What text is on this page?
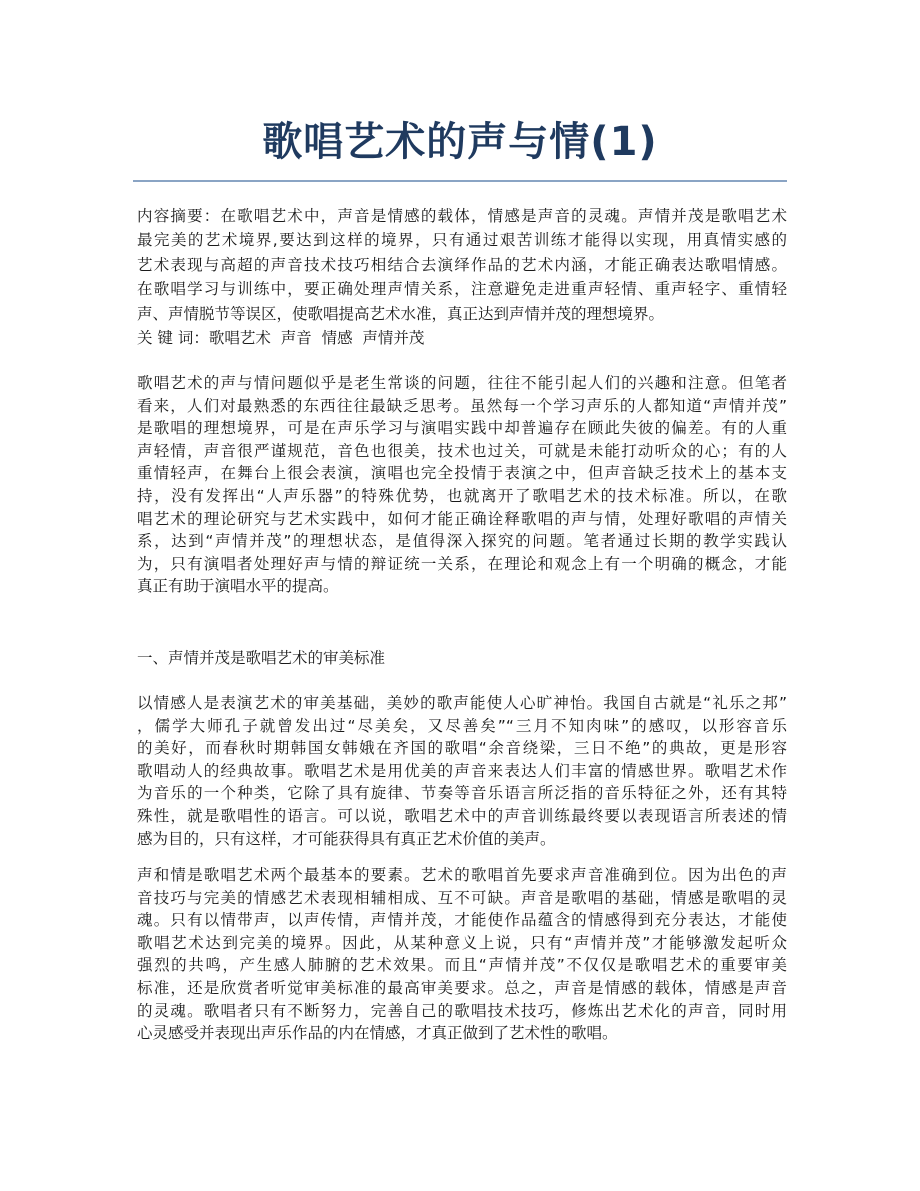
歌唱艺术的声与情(1)
内容摘要：在歌唱艺术中，声音是情感的载体，情感是声音的灵魂。声情并茂是歌唱艺术
最完美的艺术境界,要达到这样的境界，只有通过艰苦训练才能得以实现，用真情实感的
艺术表现与高超的声音技术技巧相结合去演绎作品的艺术内涵，才能正确表达歌唱情感。
在歌唱学习与训练中，要正确处理声情关系，注意避免走进重声轻情、重声轻字、重情轻
声、声情脱节等误区，使歌唱提高艺术水准，真正达到声情并茂的理想境界。
关 键 词：歌唱艺术  声音  情感  声情并茂
歌唱艺术的声与情问题似乎是老生常谈的问题，往往不能引起人们的兴趣和注意。但笔者
看来，人们对最熟悉的东西往往最缺乏思考。虽然每一个学习声乐的人都知道“声情并茂”
是歌唱的理想境界，可是在声乐学习与演唱实践中却普遍存在顾此失彼的偏差。有的人重
声轻情，声音很严谨规范，音色也很美，技术也过关，可就是未能打动听众的心；有的人
重情轻声，在舞台上很会表演，演唱也完全投情于表演之中，但声音缺乏技术上的基本支
持，没有发挥出“人声乐器”的特殊优势，也就离开了歌唱艺术的技术标准。所以，在歌
唱艺术的理论研究与艺术实践中，如何才能正确诠释歌唱的声与情，处理好歌唱的声情关
系，达到“声情并茂”的理想状态，是值得深入探究的问题。笔者通过长期的教学实践认
为，只有演唱者处理好声与情的辩证统一关系，在理论和观念上有一个明确的概念，才能
真正有助于演唱水平的提高。
一、声情并茂是歌唱艺术的审美标准
以情感人是表演艺术的审美基础，美妙的歌声能使人心旷神怡。我国自古就是“礼乐之邦”
，儒学大师孔子就曾发出过“尽美矣，又尽善矣”“三月不知肉味”的感叹，以形容音乐
的美好，而春秋时期韩国女韩娥在齐国的歌唱“余音绕梁，三日不绝”的典故，更是形容
歌唱动人的经典故事。歌唱艺术是用优美的声音来表达人们丰富的情感世界。歌唱艺术作
为音乐的一个种类，它除了具有旋律、节奏等音乐语言所泛指的音乐特征之外，还有其特
殊性，就是歌唱性的语言。可以说，歌唱艺术中的声音训练最终要以表现语言所表述的情
感为目的，只有这样，才可能获得具有真正艺术价值的美声。
声和情是歌唱艺术两个最基本的要素。艺术的歌唱首先要求声音准确到位。因为出色的声
音技巧与完美的情感艺术表现相辅相成、互不可缺。声音是歌唱的基础，情感是歌唱的灵
魂。只有以情带声，以声传情，声情并茂，才能使作品蕴含的情感得到充分表达，才能使
歌唱艺术达到完美的境界。因此，从某种意义上说，只有“声情并茂”才能够激发起听众
强烈的共鸣，产生感人肺腑的艺术效果。而且“声情并茂”不仅仅是歌唱艺术的重要审美
标准，还是欣赏者听觉审美标准的最高审美要求。总之，声音是情感的载体，情感是声音
的灵魂。歌唱者只有不断努力，完善自己的歌唱技术技巧，修炼出艺术化的声音，同时用
心灵感受并表现出声乐作品的内在情感，才真正做到了艺术性的歌唱。
